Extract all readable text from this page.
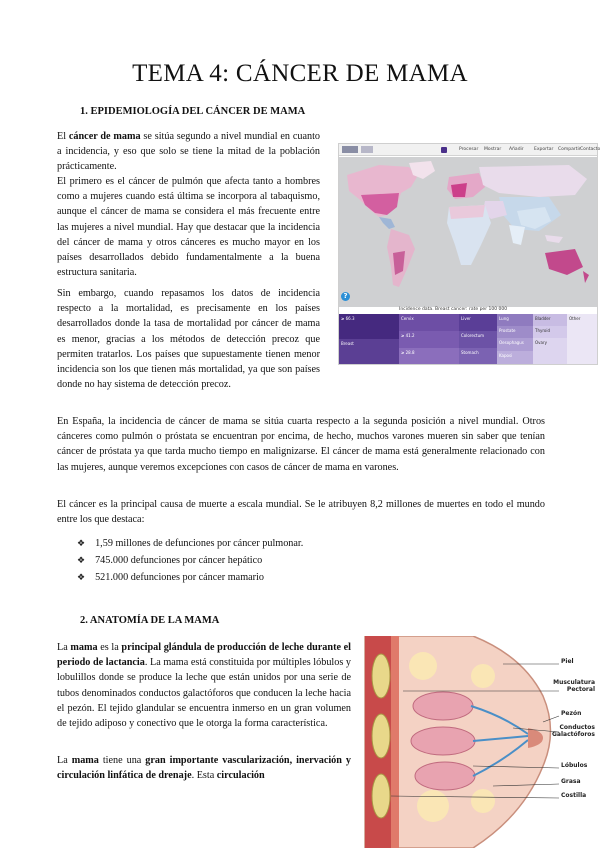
TEMA 4: CÁNCER DE MAMA
1. EPIDEMIOLOGÍA DEL CÁNCER DE MAMA
El cáncer de mama se sitúa segundo a nivel mundial en cuanto a incidencia, y eso que solo se tiene la mitad de la población prácticamente.
El primero es el cáncer de pulmón que afecta tanto a hombres como a mujeres cuando está última se incorpora al tabaquismo, aunque el cáncer de mama se considera el más frecuente entre las mujeres a nivel mundial. Hay que destacar que la incidencia del cáncer de mama y otros cánceres es mucho mayor en los países desarrollados debido fundamentalmente a la buena estructura sanitaria.
Sin embargo, cuando repasamos los datos de incidencia respecto a la mortalidad, es precisamente en los países desarrollados donde la tasa de mortalidad por cáncer de mama es menor, gracias a los métodos de detección precoz que permiten tratarlos. Los países que supuestamente tienen menor incidencia son los que tienen más mortalidad, ya que son países donde no hay sistema de detección precoz.
En España, la incidencia de cáncer de mama se sitúa cuarta respecto a la segunda posición a nivel mundial. Otros cánceres como pulmón o próstata se encuentran por encima, de hecho, muchos varones mueren sin saber que tenían cáncer de próstata ya que tarda mucho tiempo en malignizarse. El cáncer de mama está generalmente relacionado con las mujeres, aunque veremos excepciones con casos de cáncer de mama en varones.
El cáncer es la principal causa de muerte a escala mundial. Se le atribuyen 8,2 millones de muertes en todo el mundo entre los que destaca:
❖ 1,59 millones de defunciones por cáncer pulmonar.
❖ 745.000 defunciones por cáncer hepático
❖ 521.000 defunciones por cáncer mamario
Procesar Mostrar Añadir Exportar Compartir Contacto
?
Incidence data. Breast cancer: rate per 100 000
≥ 66.3
Breast
Cervix
≥ 41.2
≥ 28.8
Liver
Colorectum
Stomach
Lung
Prostate
Oesophagus
Kaposi
Bladder
Thyroid
Ovary
Other
2. ANATOMÍA DE LA MAMA
La mama es la principal glándula de producción de leche durante el periodo de lactancia. La mama está constituida por múltiples lóbulos y lobulillos donde se produce la leche que están unidos por una serie de tubos denominados conductos galactóforos que conducen la leche hacia el pezón. El tejido glandular se encuentra inmerso en un gran volumen de tejido adiposo y conectivo que le otorga la forma característica.
La mama tiene una gran importante vascularización, inervación y circulación linfática de drenaje. Esta circulación
Piel
Musculatura Pectoral
Pezón
Conductos Galactóforos
Lóbulos
Grasa
Costilla
